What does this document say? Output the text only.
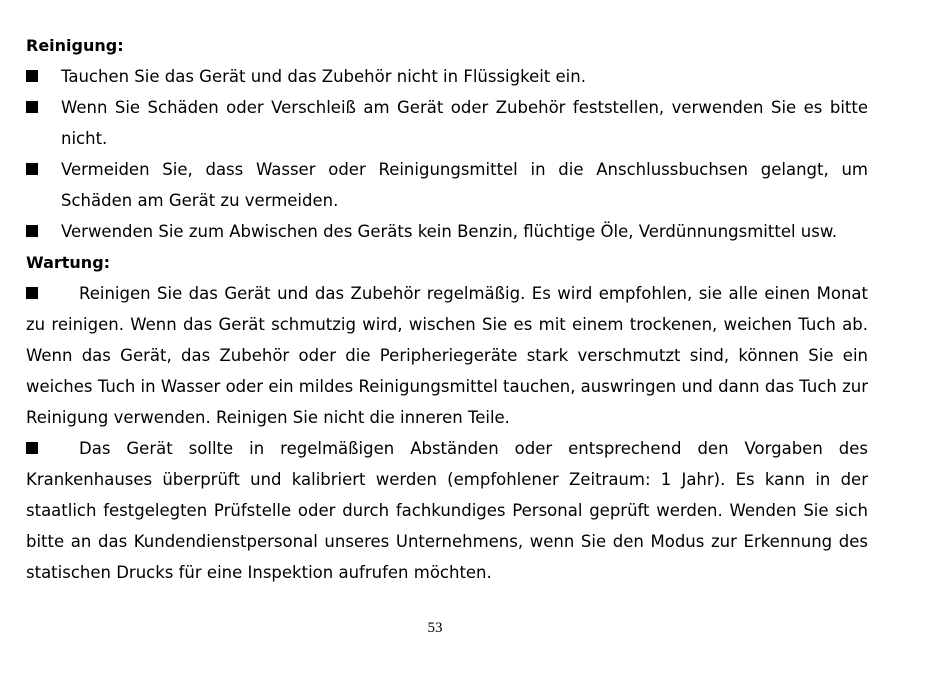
Reinigung:
Tauchen Sie das Gerät und das Zubehör nicht in Flüssigkeit ein.
Wenn Sie Schäden oder Verschleiß am Gerät oder Zubehör feststellen, verwenden Sie es bitte nicht.
Vermeiden Sie, dass Wasser oder Reinigungsmittel in die Anschlussbuchsen gelangt, um Schäden am Gerät zu vermeiden.
Verwenden Sie zum Abwischen des Geräts kein Benzin, flüchtige Öle, Verdünnungsmittel usw.
Wartung:

Reinigen Sie das Gerät und das Zubehör regelmäßig. Es wird empfohlen, sie alle einen Monat zu reinigen. Wenn das Gerät schmutzig wird, wischen Sie es mit einem trockenen, weichen Tuch ab. Wenn das Gerät, das Zubehör oder die Peripheriegeräte stark verschmutzt sind, können Sie ein weiches Tuch in Wasser oder ein mildes Reinigungsmittel tauchen, auswringen und dann das Tuch zur Reinigung verwenden. Reinigen Sie nicht die inneren Teile.

Das Gerät sollte in regelmäßigen Abständen oder entsprechend den Vorgaben des Krankenhauses überprüft und kalibriert werden (empfohlener Zeitraum: 1 Jahr). Es kann in der staatlich festgelegten Prüfstelle oder durch fachkundiges Personal geprüft werden. Wenden Sie sich bitte an das Kundendienstpersonal unseres Unternehmens, wenn Sie den Modus zur Erkennung des statischen Drucks für eine Inspektion aufrufen möchten.

53
